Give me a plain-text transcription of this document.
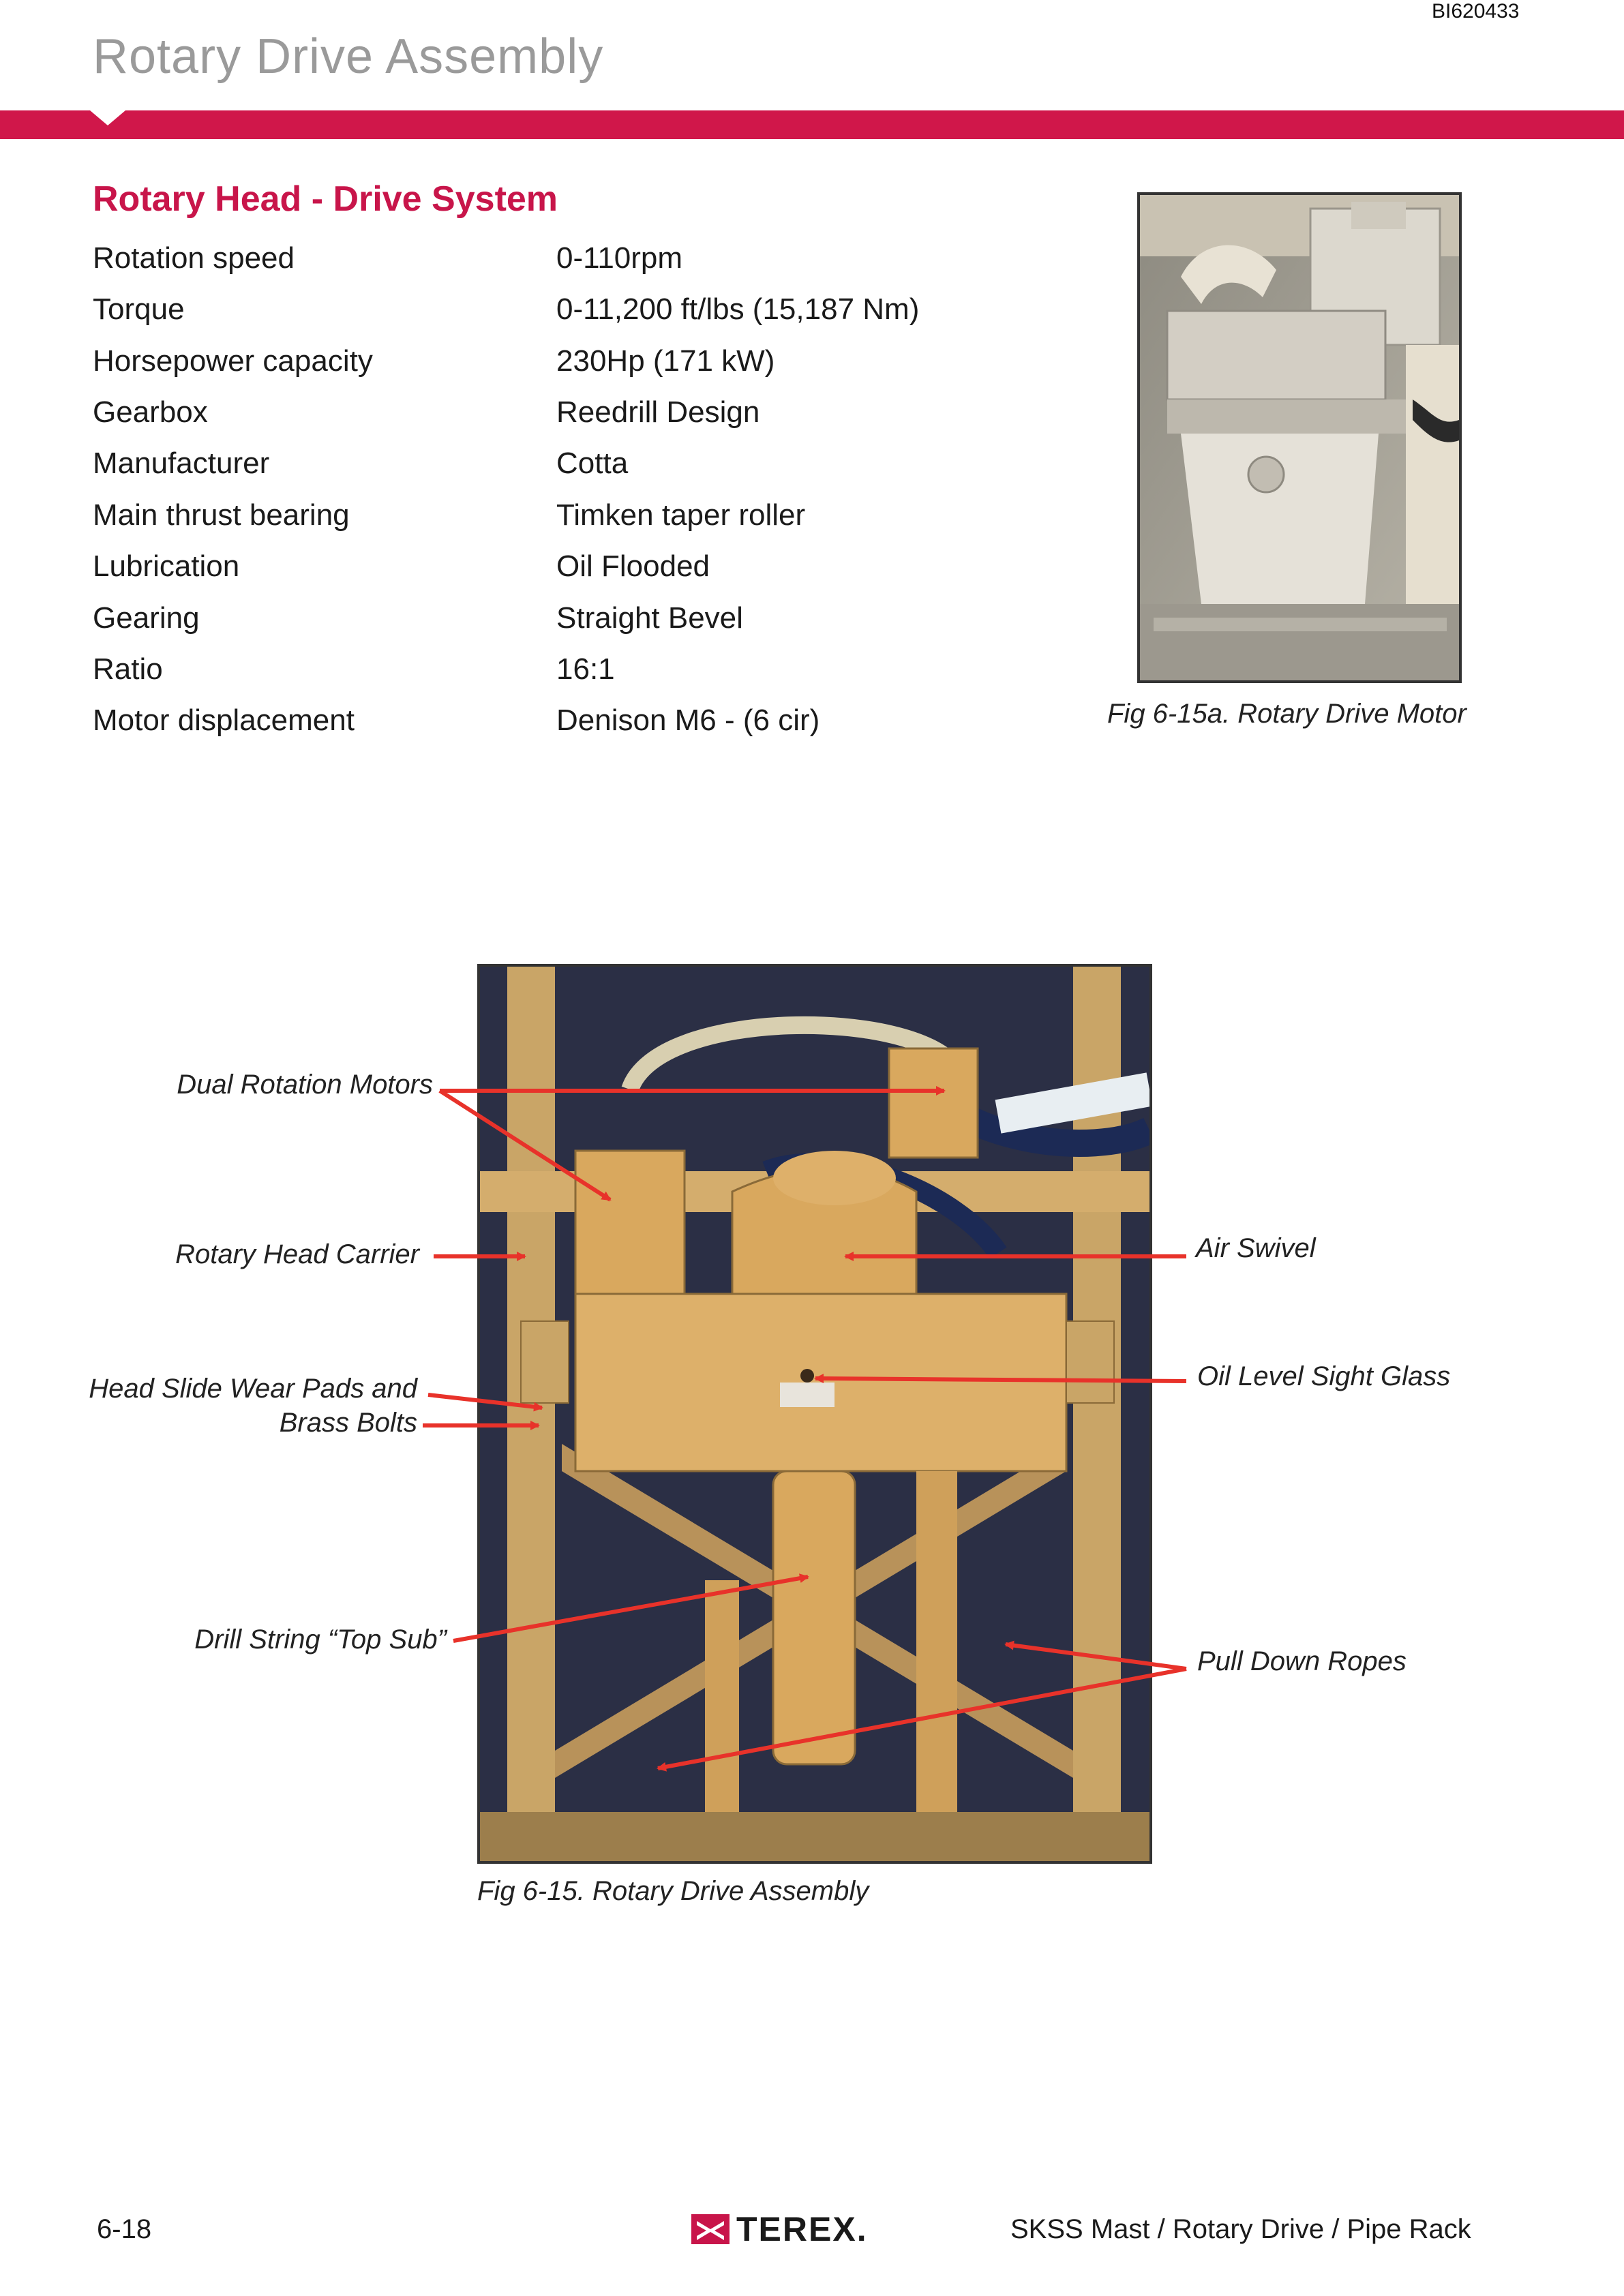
BI620433
Rotary Drive Assembly
Rotary Head - Drive System
Rotation speed	0-110rpm
Torque	0-11,200 ft/lbs (15,187 Nm)
Horsepower capacity	230Hp (171 kW)
Gearbox	Reedrill Design
Manufacturer	Cotta
Main thrust bearing	Timken taper roller
Lubrication	Oil Flooded
Gearing	Straight Bevel
Ratio	16:1
Motor displacement	Denison M6 - (6 cir)	Fig 6-15a. Rotary Drive Motor
Fig 6-15. Rotary Drive Assembly
Dual Rotation Motors
Rotary Head Carrier
Head Slide Wear Pads and
Brass Bolts
Drill String “Top Sub”
Air Swivel
Oil Level Sight Glass
Pull Down Ropes
6-18	TEREX.	SKSS Mast / Rotary Drive / Pipe Rack
